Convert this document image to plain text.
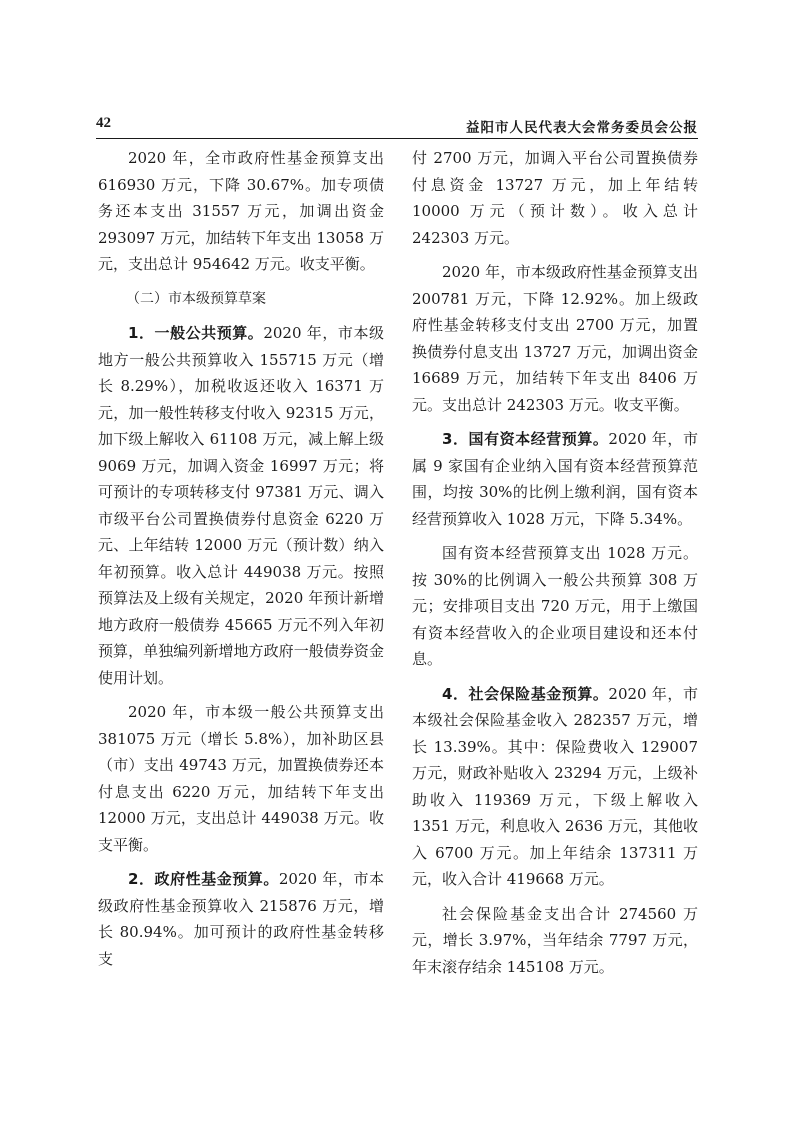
42	益阳市人民代表大会常务委员会公报

2020 年，全市政府性基金预算支出 616930 万元，下降 30.67%。加专项债务还本支出 31557 万元，加调出资金 293097 万元，加结转下年支出 13058 万元，支出总计 954642 万元。收支平衡。

（二）市本级预算草案

1．一般公共预算。2020 年，市本级地方一般公共预算收入 155715 万元（增长 8.29%），加税收返还收入 16371 万元，加一般性转移支付收入 92315 万元，加下级上解收入 61108 万元，减上解上级 9069 万元，加调入资金 16997 万元；将可预计的专项转移支付 97381 万元、调入市级平台公司置换债券付息资金 6220 万元、上年结转 12000 万元（预计数）纳入年初预算。收入总计 449038 万元。按照预算法及上级有关规定，2020 年预计新增地方政府一般债券 45665 万元不列入年初预算，单独编列新增地方政府一般债券资金使用计划。

2020 年，市本级一般公共预算支出 381075 万元（增长 5.8%），加补助区县（市）支出 49743 万元，加置换债券还本付息支出 6220 万元，加结转下年支出 12000 万元，支出总计 449038 万元。收支平衡。

2．政府性基金预算。2020 年，市本级政府性基金预算收入 215876 万元，增长 80.94%。加可预计的政府性基金转移支

付 2700 万元，加调入平台公司置换债券付息资金 13727 万元，加上年结转 10000 万元（预计数）。收入总计 242303 万元。

2020 年，市本级政府性基金预算支出 200781 万元，下降 12.92%。加上级政府性基金转移支付支出 2700 万元，加置换债券付息支出 13727 万元，加调出资金 16689 万元，加结转下年支出 8406 万元。支出总计 242303 万元。收支平衡。

3．国有资本经营预算。2020 年，市属 9 家国有企业纳入国有资本经营预算范围，均按 30%的比例上缴利润，国有资本经营预算收入 1028 万元，下降 5.34%。

国有资本经营预算支出 1028 万元。按 30%的比例调入一般公共预算 308 万元；安排项目支出 720 万元，用于上缴国有资本经营收入的企业项目建设和还本付息。

4．社会保险基金预算。2020 年，市本级社会保险基金收入 282357 万元，增长 13.39%。其中：保险费收入 129007 万元，财政补贴收入 23294 万元，上级补助收入 119369 万元，下级上解收入 1351 万元，利息收入 2636 万元，其他收入 6700 万元。加上年结余 137311 万元，收入合计 419668 万元。

社会保险基金支出合计 274560 万元，增长 3.97%，当年结余 7797 万元，年末滚存结余 145108 万元。
